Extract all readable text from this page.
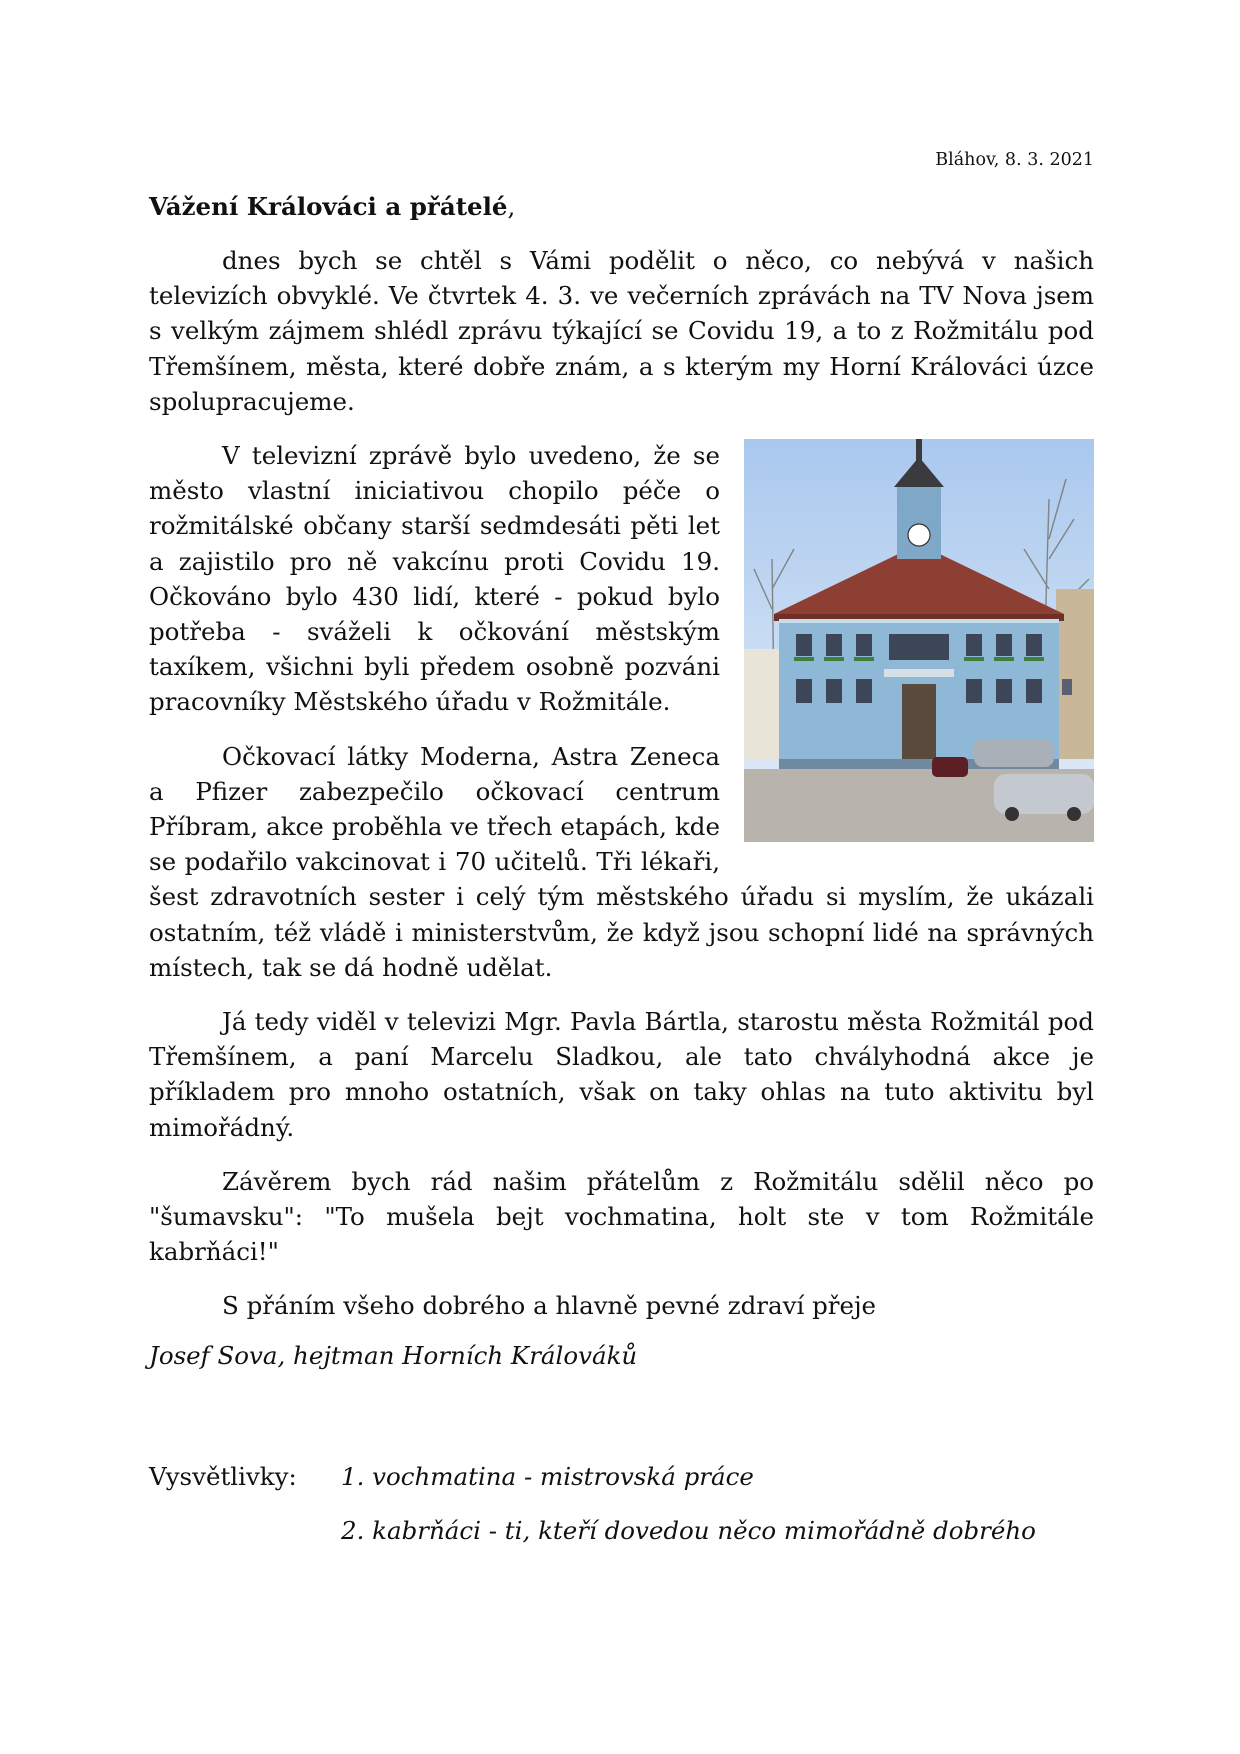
Bláhov, 8. 3. 2021
Vážení Králováci a přátelé,

dnes bych se chtěl s Vámi podělit o něco, co nebývá v našich televizích obvyklé. Ve čtvrtek 4. 3. ve večerních zprávách na TV Nova jsem s velkým zájmem shlédl zprávu týkající se Covidu 19, a to z Rožmitálu pod Třemšínem, města, které dobře znám, a s kterým my Horní Králováci úzce spolupracujeme.

V televizní zprávě bylo uvedeno, že se město vlastní iniciativou chopilo péče o rožmitálské občany starší sedmdesáti pěti let a zajistilo pro ně vakcínu proti Covidu 19. Očkováno bylo 430 lidí, které - pokud bylo potřeba - sváželi k očkování městským taxíkem, všichni byli předem osobně pozváni pracovníky Městského úřadu v Rožmitále.

Očkovací látky Moderna, Astra Zeneca a Pfizer zabezpečilo očkovací centrum Příbram, akce proběhla ve třech etapách, kde se podařilo vakcinovat i 70 učitelů. Tři lékaři, šest zdravotních sester i celý tým městského úřadu si myslím, že ukázali ostatním, též vládě i ministerstvům, že když jsou schopní lidé na správných místech, tak se dá hodně udělat.

Já tedy viděl v televizi Mgr. Pavla Bártla, starostu města Rožmitál pod Třemšínem, a paní Marcelu Sladkou, ale tato chvályhodná akce je příkladem pro mnoho ostatních, však on taky ohlas na tuto aktivitu byl mimořádný.

Závěrem bych rád našim přátelům z Rožmitálu sdělil něco po "šumavsku": "To mušela bejt vochmatina, holt ste v tom Rožmitále kabrňáci!"

S přáním všeho dobrého a hlavně pevné zdraví přeje

Josef Sova, hejtman Horních Králováků
Vysvětlivky: 1. vochmatina - mistrovská práce
2. kabrňáci - ti, kteří dovedou něco mimořádně dobrého
